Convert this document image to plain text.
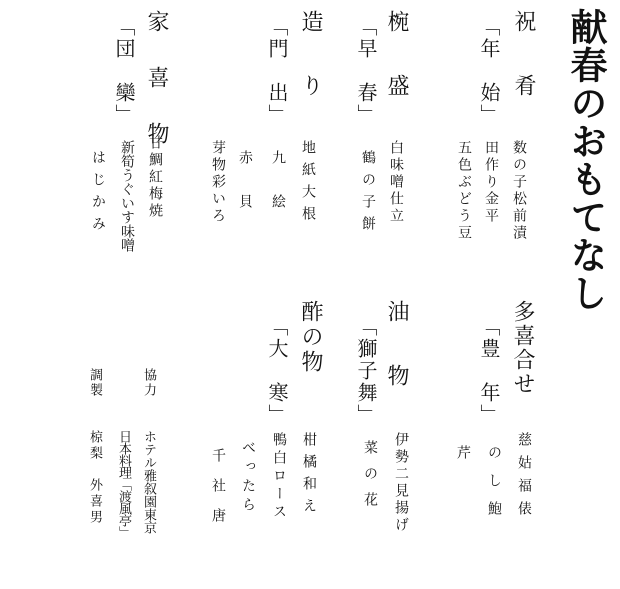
献春のおもてなし
祝　肴
「年　始」
数の子松前漬
田作り金平
五色ぶどう豆
椀　盛
「早　春」
白味噌仕立
鶴の子餅
造　り
「門　出」
地紙大根
九　絵
赤　貝
芽物彩いろ
家　喜　物
「団　欒」
甘鯛紅梅焼
新筍うぐいす味噌
はじかみ
多喜合せ
「豊　年」
慈姑福俵
のし鮑
芹
油　物
「獅子舞」
伊勢二見揚げ
菜の花
酢の物
「大　寒」
柑橘和え
鴨白ロース
べったら
千社唐
協力
ホテル雅叙園東京
日本料理「渡風亭」
調製
椋梨　外喜男
